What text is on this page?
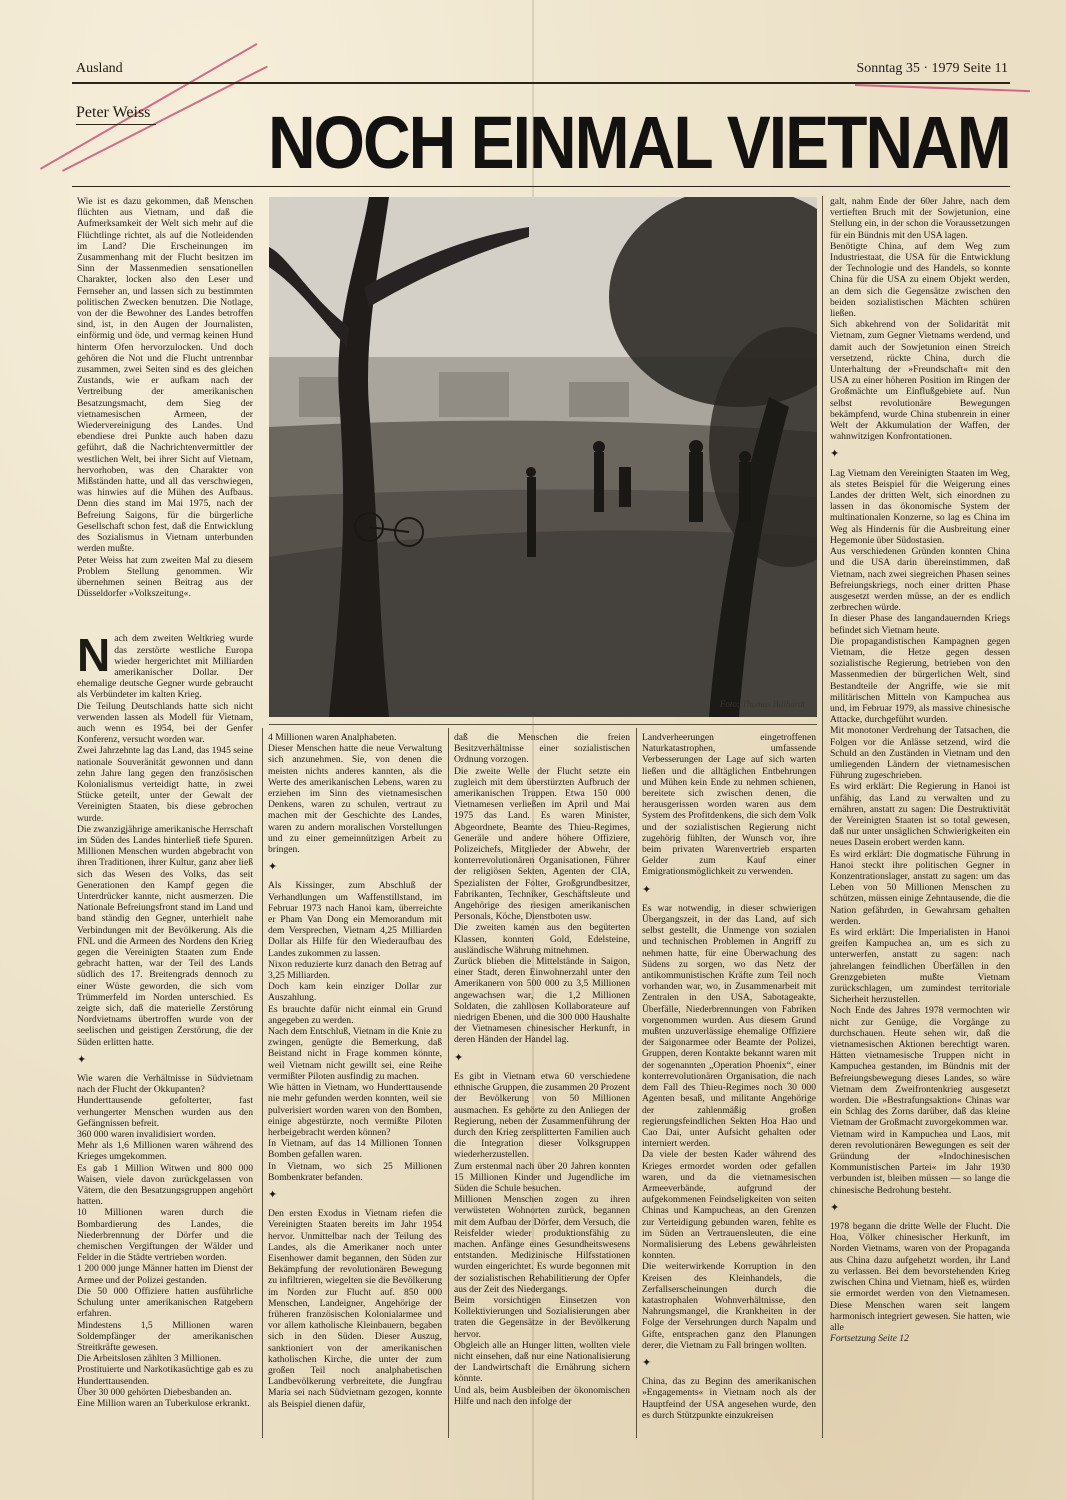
Ausland	Sonntag 35 · 1979 Seite 11
Peter Weiss NOCH EINMAL VIETNAM

Wie ist es dazu gekommen, daß Menschen flüchten aus Vietnam, und daß die Aufmerksamkeit der Welt sich mehr auf die Flüchtlinge richtet, als auf die Notleidenden im Land? Die Erscheinungen im Zusammenhang mit der Flucht besitzen im Sinn der Massenmedien sensationellen Charakter, locken also den Leser und Fernseher an, und lassen sich zu bestimmten politischen Zwecken benutzen. Die Notlage, von der die Bewohner des Landes betroffen sind, ist, in den Augen der Journalisten, einförmig und öde, und vermag keinen Hund hinterm Ofen hervorzulocken. Und doch gehören die Not und die Flucht untrennbar zusammen, zwei Seiten sind es des gleichen Zustands, wie er aufkam nach der Vertreibung der amerikanischen Besatzungsmacht, dem Sieg der vietnamesischen Armeen, der Wiedervereinigung des Landes. Und ebendiese drei Punkte auch haben dazu geführt, daß die Nachrichtenvermittler der westlichen Welt, bei ihrer Sicht auf Vietnam, hervorhoben, was den Charakter von Mißständen hatte, und all das verschwiegen, was hinwies auf die Mühen des Aufbaus. Denn dies stand im Mai 1975, nach der Befreiung Saigons, für die bürgerliche Gesellschaft schon fest, daß die Entwicklung des Sozialismus in Vietnam unterbunden werden mußte.

Peter Weiss hat zum zweiten Mal zu diesem Problem Stellung genommen. Wir übernehmen seinen Beitrag aus der Düsseldorfer »Volkszeitung«.

Nach dem zweiten Weltkrieg wurde das zerstörte westliche Europa wieder hergerichtet mit Milliarden amerikanischer Dollar. Der ehemalige deutsche Gegner wurde gebraucht als Verbündeter im kalten Krieg.
Die Teilung Deutschlands hatte sich nicht verwenden lassen als Modell für Vietnam, auch wenn es 1954, bei der Genfer Konferenz, versucht worden war.
Zwei Jahrzehnte lag das Land, das 1945 seine nationale Souveränität gewonnen und dann zehn Jahre lang gegen den französischen Kolonialismus verteidigt hatte, in zwei Stücke geteilt, unter der Gewalt der Vereinigten Staaten, bis diese gebrochen wurde.
Die zwanzigjährige amerikanische Herrschaft im Süden des Landes hinterließ tiefe Spuren. Millionen Menschen wurden abgebracht von ihren Traditionen, ihrer Kultur, ganz aber ließ sich das Wesen des Volks, das seit Generationen den Kampf gegen die Unterdrücker kannte, nicht ausmerzen. Die Nationale Befreiungsfront stand im Land und band ständig den Gegner, unterhielt nahe Verbindungen mit der Bevölkerung. Als die FNL und die Armeen des Nordens den Krieg gegen die Vereinigten Staaten zum Ende gebracht hatten, war der Teil des Lands südlich des 17. Breitengrads dennoch zu einer Wüste geworden, die sich vom Trümmerfeld im Norden unterschied. Es zeigte sich, daß die materielle Zerstörung Nordvietnams übertroffen wurde von der seelischen und geistigen Zerstörung, die der Süden erlitten hatte.

✦

Wie waren die Verhältnisse in Südvietnam nach der Flucht der Okkupanten?
Hunderttausende gefolterter, fast verhungerter Menschen wurden aus den Gefängnissen befreit.
360 000 waren invalidisiert worden.
Mehr als 1,6 Millionen waren während des Krieges umgekommen.
Es gab 1 Million Witwen und 800 000 Waisen, viele davon zurückgelassen von Vätern, die den Besatzungsgruppen angehört hatten.
10 Millionen waren durch die Bombardierung des Landes, die Niederbrennung der Dörfer und die chemischen Vergiftungen der Wälder und Felder in die Städte vertrieben worden.
1 200 000 junge Männer hatten im Dienst der Armee und der Polizei gestanden.
Die 50 000 Offiziere hatten ausführliche Schulung unter amerikanischen Ratgebern erfahren.
Mindestens 1,5 Millionen waren Soldempfänger der amerikanischen Streitkräfte gewesen.
Die Arbeitslosen zählten 3 Millionen.
Prostituierte und Narkotikasüchtige gab es zu Hunderttausenden.
Über 30 000 gehörten Diebesbanden an.
Eine Million waren an Tuberkulose erkrankt.

Foto: Thomas Billhardt

4 Millionen waren Analphabeten.
Dieser Menschen hatte die neue Verwaltung sich anzunehmen. Sie, von denen die meisten nichts anderes kannten, als die Werte des amerikanischen Lebens, waren zu erziehen im Sinn des vietnamesischen Denkens, waren zu schulen, vertraut zu machen mit der Geschichte des Landes, waren zu andern moralischen Vorstellungen und zu einer gemeinnützigen Arbeit zu bringen.

✦

Als Kissinger, zum Abschluß der Verhandlungen um Waffenstillstand, im Februar 1973 nach Hanoi kam, überreichte er Pham Van Dong ein Memorandum mit dem Versprechen, Vietnam 4,25 Milliarden Dollar als Hilfe für den Wiederaufbau des Landes zukommen zu lassen.
Nixon reduzierte kurz danach den Betrag auf 3,25 Milliarden.
Doch kam kein einziger Dollar zur Auszahlung.
Es brauchte dafür nicht einmal ein Grund angegeben zu werden.
Nach dem Entschluß, Vietnam in die Knie zu zwingen, genügte die Bemerkung, daß Beistand nicht in Frage kommen könnte, weil Vietnam nicht gewillt sei, eine Reihe vermißter Piloten ausfindig zu machen.
Wie hätten in Vietnam, wo Hunderttausende nie mehr gefunden werden konnten, weil sie pulverisiert worden waren von den Bomben, einige abgestürzte, noch vermißte Piloten herbeigebracht werden können?
In Vietnam, auf das 14 Millionen Tonnen Bomben gefallen waren.
In Vietnam, wo sich 25 Millionen Bombenkrater befanden.

✦

Den ersten Exodus in Vietnam riefen die Vereinigten Staaten bereits im Jahr 1954 hervor. Unmittelbar nach der Teilung des Landes, als die Amerikaner noch unter Eisenhower damit begannen, den Süden zur Bekämpfung der revolutionären Bewegung zu infiltrieren, wiegelten sie die Bevölkerung im Norden zur Flucht auf. 850 000 Menschen, Landeigner, Angehörige der früheren französischen Kolonialarmee und vor allem katholische Kleinbauern, begaben sich in den Süden. Dieser Auszug, sanktioniert von der amerikanischen katholischen Kirche, die unter der zum großen Teil noch analphabetischen Landbevölkerung verbreitete, die Jungfrau Maria sei nach Südvietnam gezogen, konnte als Beispiel dienen dafür,

daß die Menschen die freien Besitzverhältnisse einer sozialistischen Ordnung vorzogen.
Die zweite Welle der Flucht setzte ein zugleich mit dem überstürzten Aufbruch der amerikanischen Truppen. Etwa 150 000 Vietnamesen verließen im April und Mai 1975 das Land. Es waren Minister, Abgeordnete, Beamte des Thieu-Regimes, Generäle und andere höhere Offiziere, Polizeichefs, Mitglieder der Abwehr, der konterrevolutionären Organisationen, Führer der religiösen Sekten, Agenten der CIA, Spezialisten der Folter, Großgrundbesitzer, Fabrikanten, Techniker, Geschäftsleute und Angehörige des riesigen amerikanischen Personals, Köche, Dienstboten usw.
Die zweiten kamen aus den begüterten Klassen, konnten Gold, Edelsteine, ausländische Währung mitnehmen.
Zurück blieben die Mittelstände in Saigon, einer Stadt, deren Einwohnerzahl unter den Amerikanern von 500 000 zu 3,5 Millionen angewachsen war, die 1,2 Millionen Soldaten, die zahllosen Kollaborateure auf niedrigen Ebenen, und die 300 000 Haushalte der Vietnamesen chinesischer Herkunft, in deren Händen der Handel lag.

✦

Es gibt in Vietnam etwa 60 verschiedene ethnische Gruppen, die zusammen 20 Prozent der Bevölkerung von 50 Millionen ausmachen. Es gehörte zu den Anliegen der Regierung, neben der Zusammenführung der durch den Krieg zersplitterten Familien auch die Integration dieser Volksgruppen wiederherzustellen.
Zum erstenmal nach über 20 Jahren konnten 15 Millionen Kinder und Jugendliche im Süden die Schule besuchen.
Millionen Menschen zogen zu ihren verwüsteten Wohnorten zurück, begannen mit dem Aufbau der Dörfer, dem Versuch, die Reisfelder wieder produktionsfähig zu machen. Anfänge eines Gesundheitswesens entstanden. Medizinische Hilfsstationen wurden eingerichtet. Es wurde begonnen mit der sozialistischen Rehabilitierung der Opfer aus der Zeit des Niedergangs.
Beim vorsichtigen Einsetzen von Kollektivierungen und Sozialisierungen aber traten die Gegensätze in der Bevölkerung hervor.
Obgleich alle an Hunger litten, wollten viele nicht einsehen, daß nur eine Nationalisierung der Landwirtschaft die Ernährung sichern könnte.
Und als, beim Ausbleiben der ökonomischen Hilfe und nach den infolge der

Landverheerungen eingetroffenen Naturkatastrophen, umfassende Verbesserungen der Lage auf sich warten ließen und die alltäglichen Entbehrungen und Mühen kein Ende zu nehmen schienen, bereitete sich zwischen denen, die herausgerissen worden waren aus dem System des Profitdenkens, die sich dem Volk und der sozialistischen Regierung nicht zugehörig fühlten, der Wunsch vor, ihre beim privaten Warenvertrieb ersparten Gelder zum Kauf einer Emigrationsmöglichkeit zu verwenden.

✦

Es war notwendig, in dieser schwierigen Übergangszeit, in der das Land, auf sich selbst gestellt, die Unmenge von sozialen und technischen Problemen in Angriff zu nehmen hatte, für eine Überwachung des Südens zu sorgen, wo das Netz der antikommunistischen Kräfte zum Teil noch vorhanden war, wo, in Zusammenarbeit mit Zentralen in den USA, Sabotageakte, Überfälle, Niederbrennungen von Fabriken vorgenommen wurden. Aus diesem Grund mußten unzuverlässige ehemalige Offiziere der Saigonarmee oder Beamte der Polizei, Gruppen, deren Kontakte bekannt waren mit der sogenannten „Operation Phoenix“, einer konterrevolutionären Organisation, die nach dem Fall des Thieu-Regimes noch 30 000 Agenten besaß, und militante Angehörige der zahlenmäßig großen regierungsfeindlichen Sekten Hoa Hao und Cao Dai, unter Aufsicht gehalten oder interniert werden.
Da viele der besten Kader während des Krieges ermordet worden oder gefallen waren, und da die vietnamesischen Armeeverbände, aufgrund der aufgekommenen Feindseligkeiten von seiten Chinas und Kampucheas, an den Grenzen zur Verteidigung gebunden waren, fehlte es im Süden an Vertrauensleuten, die eine Normalisierung des Lebens gewährleisten konnten.
Die weiterwirkende Korruption in den Kreisen des Kleinhandels, die Zerfallserscheinungen durch die katastrophalen Wohnverhältnisse, den Nahrungsmangel, die Krankheiten in der Folge der Versehrungen durch Napalm und Gifte, entsprachen ganz den Planungen derer, die Vietnam zu Fall bringen wollten.

✦

China, das zu Beginn des amerikanischen »Engagements« in Vietnam noch als der Hauptfeind der USA angesehen wurde, den es durch Stützpunkte einzukreisen

galt, nahm Ende der 60er Jahre, nach dem vertieften Bruch mit der Sowjetunion, eine Stellung ein, in der schon die Voraussetzungen für ein Bündnis mit den USA lagen.
Benötigte China, auf dem Weg zum Industriestaat, die USA für die Entwicklung der Technologie und des Handels, so konnte China für die USA zu einem Objekt werden, an dem sich die Gegensätze zwischen den beiden sozialistischen Mächten schüren ließen.
Sich abkehrend von der Solidarität mit Vietnam, zum Gegner Vietnams werdend, und damit auch der Sowjetunion einen Streich versetzend, rückte China, durch die Unterhaltung der »Freundschaft« mit den USA zu einer höheren Position im Ringen der Großmächte um Einflußgebiete auf. Nun selbst revolutionäre Bewegungen bekämpfend, wurde China stubenrein in einer Welt der Akkumulation der Waffen, der wahnwitzigen Konfrontationen.

✦

Lag Vietnam den Vereinigten Staaten im Weg, als stetes Beispiel für die Weigerung eines Landes der dritten Welt, sich einordnen zu lassen in das ökonomische System der multinationalen Konzerne, so lag es China im Weg als Hindernis für die Ausbreitung einer Hegemonie über Südostasien.
Aus verschiedenen Gründen konnten China und die USA darin übereinstimmen, daß Vietnam, nach zwei siegreichen Phasen seines Befreiungskriegs, noch einer dritten Phase ausgesetzt werden müsse, an der es endlich zerbrechen würde.
In dieser Phase des langandauernden Kriegs befindet sich Vietnam heute.
Die propagandistischen Kampagnen gegen Vietnam, die Hetze gegen dessen sozialistische Regierung, betrieben von den Massenmedien der bürgerlichen Welt, sind Bestandteile der Angriffe, wie sie mit militärischen Mitteln von Kampuchea aus und, im Februar 1979, als massive chinesische Attacke, durchgeführt wurden.
Mit monotoner Verdrehung der Tatsachen, die Folgen vor die Anlässe setzend, wird die Schuld an den Zuständen in Vietnam und den umliegenden Ländern der vietnamesischen Führung zugeschrieben.
Es wird erklärt: Die Regierung in Hanoi ist unfähig, das Land zu verwalten und zu ernähren, anstatt zu sagen: Die Destruktivität der Vereinigten Staaten ist so total gewesen, daß nur unter unsäglichen Schwierigkeiten ein neues Dasein erobert werden kann.
Es wird erklärt: Die dogmatische Führung in Hanoi steckt ihre politischen Gegner in Konzentrationslager, anstatt zu sagen: um das Leben von 50 Millionen Menschen zu schützen, müssen einige Zehntausende, die die Nation gefährden, in Gewahrsam gehalten werden.
Es wird erklärt: Die Imperialisten in Hanoi greifen Kampuchea an, um es sich zu unterwerfen, anstatt zu sagen: nach jahrelangen feindlichen Überfällen in den Grenzgebieten mußte Vietnam zurückschlagen, um zumindest territoriale Sicherheit herzustellen.
Noch Ende des Jahres 1978 vermochten wir nicht zur Genüge, die Vorgänge zu durchschauen. Heute sehen wir, daß die vietnamesischen Aktionen berechtigt waren. Hätten vietnamesische Truppen nicht in Kampuchea gestanden, im Bündnis mit der Befreiungsbewegung dieses Landes, so wäre Vietnam dem Zweifrontenkrieg ausgesetzt worden. Die »Bestrafungsaktion« Chinas war ein Schlag des Zorns darüber, daß das kleine Vietnam der Großmacht zuvorgekommen war.
Vietnam wird in Kampuchea und Laos, mit deren revolutionären Bewegungen es seit der Gründung der »Indochinesischen Kommunistischen Partei« im Jahr 1930 verbunden ist, bleiben müssen — so lange die chinesische Bedrohung besteht.

✦

1978 begann die dritte Welle der Flucht. Die Hoa, Völker chinesischer Herkunft, im Norden Vietnams, waren von der Propaganda aus China dazu aufgehetzt worden, ihr Land zu verlassen. Bei dem bevorstehenden Krieg zwischen China und Vietnam, hieß es, würden sie ermordet werden von den Vietnamesen. Diese Menschen waren seit langem harmonisch integriert gewesen. Sie hatten, wie alle

Fortsetzung Seite 12
